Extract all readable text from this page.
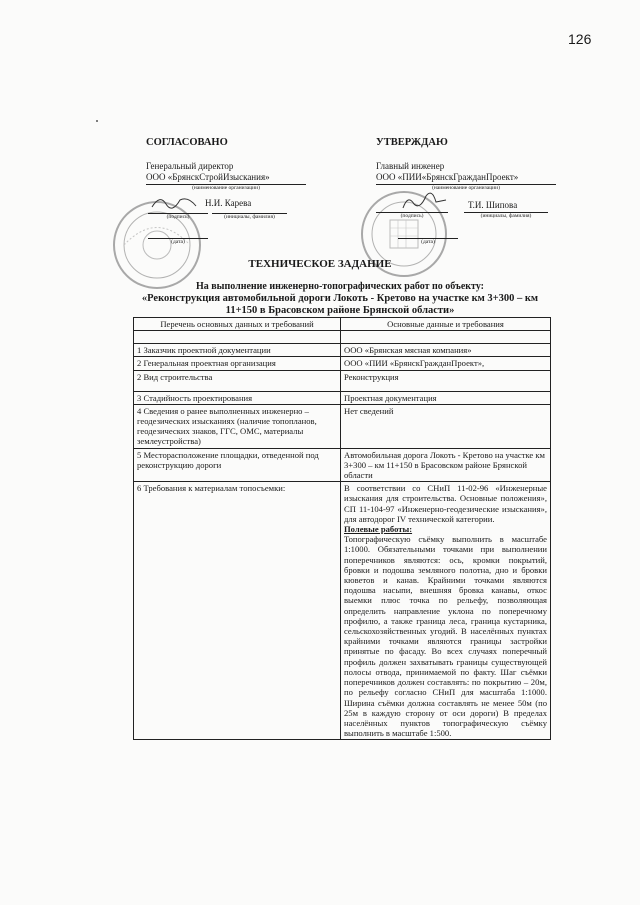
126
СОГЛАСОВАНО
Генеральный директор
ООО «БрянскСтройИзыскания»
(наименование организации)
Н.И. Карева
(подпись)	(инициалы, фамилия)
(дата)
УТВЕРЖДАЮ
Главный инженер
ООО «ПИИ«БрянскГражданПроект»
(наименование организации)
Т.И. Шипова
(подпись)	(инициалы, фамилия)
(дата)
ТЕХНИЧЕСКОЕ ЗАДАНИЕ
На выполнение инженерно-топографических работ по объекту:
«Реконструкция автомобильной дороги Локоть - Кретово на участке км 3+300 – км 11+150 в Брасовском районе Брянской области»
Перечень основных данных и требований	Основные данные и требования

1 Заказчик проектной документации	ООО «Брянская мясная компания»
2 Генеральная проектная организация	ООО «ПИИ «БрянскГражданПроект»,
2 Вид строительства	Реконструкция
3 Стадийность проектирования	Проектная документация
4 Сведения о ранее выполненных инженерно – геодезических изысканиях (наличие топопланов, геодезических знаков, ГГС, ОМС, материалы землеустройства)	Нет сведений
5 Месторасположение площадки, отведенной под реконструкцию дороги	Автомобильная дорога Локоть - Кретово на участке км 3+300 – км 11+150 в Брасовском районе Брянской области
6 Требования к материалам топосъемки:	В соответствии со СНиП 11-02-96 «Инженерные изыскания для строительства. Основные положения», СП 11-104-97 «Инженерно-геодезические изыскания», для автодорог IV технической категории.
Полевые работы:
Топографическую съёмку выполнить в масштабе 1:1000. Обязательными точками при выполнении поперечников являются: ось, кромки покрытий, бровки и подошва земляного полотна, дно и бровки кюветов и канав. Крайними точками являются подошва насыпи, внешняя бровка канавы, откос выемки плюс точка по рельефу, позволяющая определить направление уклона по поперечному профилю, а также граница леса, граница кустарника, сельскохозяйственных угодий. В населённых пунктах крайними точками являются границы застройки принятые по фасаду. Во всех случаях поперечный профиль должен захватывать границы существующей полосы отвода, принимаемой по факту. Шаг съёмки поперечников должен составлять: по покрытию – 20м, по рельефу согласно СНиП для масштаба 1:1000. Ширина съёмки должна составлять не менее 50м (по 25м в каждую сторону от оси дороги) В пределах населённых пунктов топографическую съёмку выполнить в масштабе 1:500.
